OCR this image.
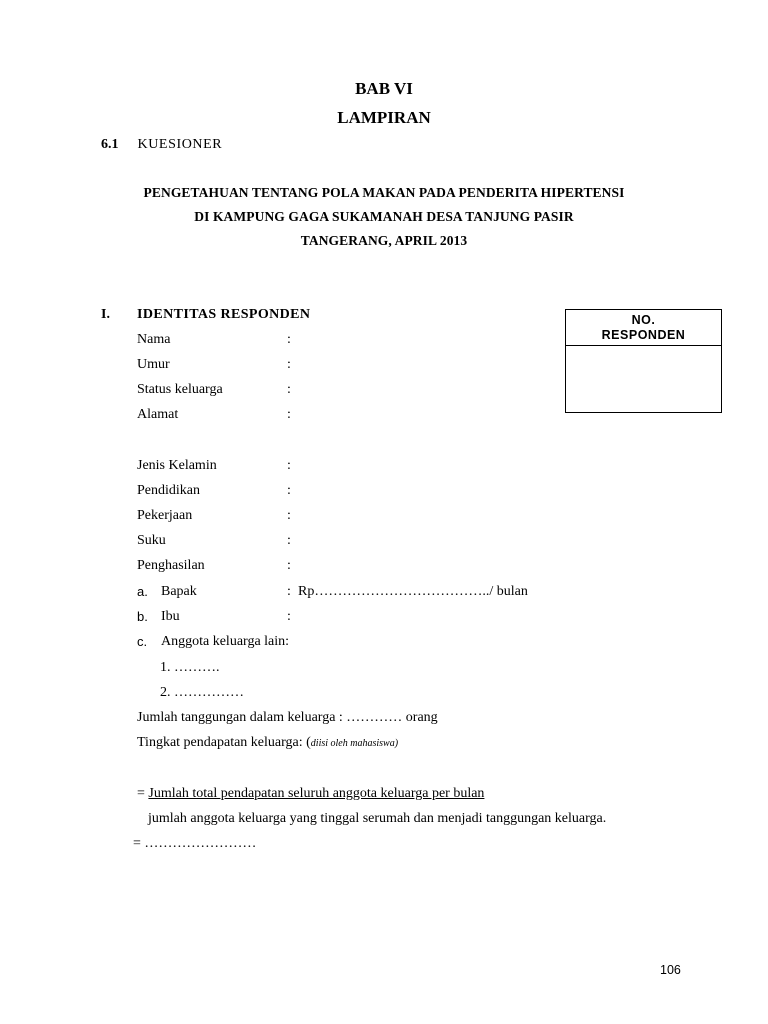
BAB VI
LAMPIRAN
6.1 KUESIONER
PENGETAHUAN TENTANG POLA MAKAN PADA PENDERITA HIPERTENSI
DI KAMPUNG GAGA SUKAMANAH DESA TANJUNG PASIR
TANGERANG, APRIL 2013
I. IDENTITAS RESPONDEN	NO.
RESPONDEN
Nama	:
Umur	:
Status keluarga	:
Alamat	:
Jenis Kelamin	:
Pendidikan	:
Pekerjaan	:
Suku	:
Penghasilan	:
a. Bapak	: Rp………………………………../ bulan
b. Ibu	:
c. Anggota keluarga lain:
1. ……….
2. ……………
Jumlah tanggungan dalam keluarga : ………… orang
Tingkat pendapatan keluarga: (diisi oleh mahasiswa)
= Jumlah total pendapatan seluruh anggota keluarga per bulan
jumlah anggota keluarga yang tinggal serumah dan menjadi tanggungan keluarga.
= ……………………
106
